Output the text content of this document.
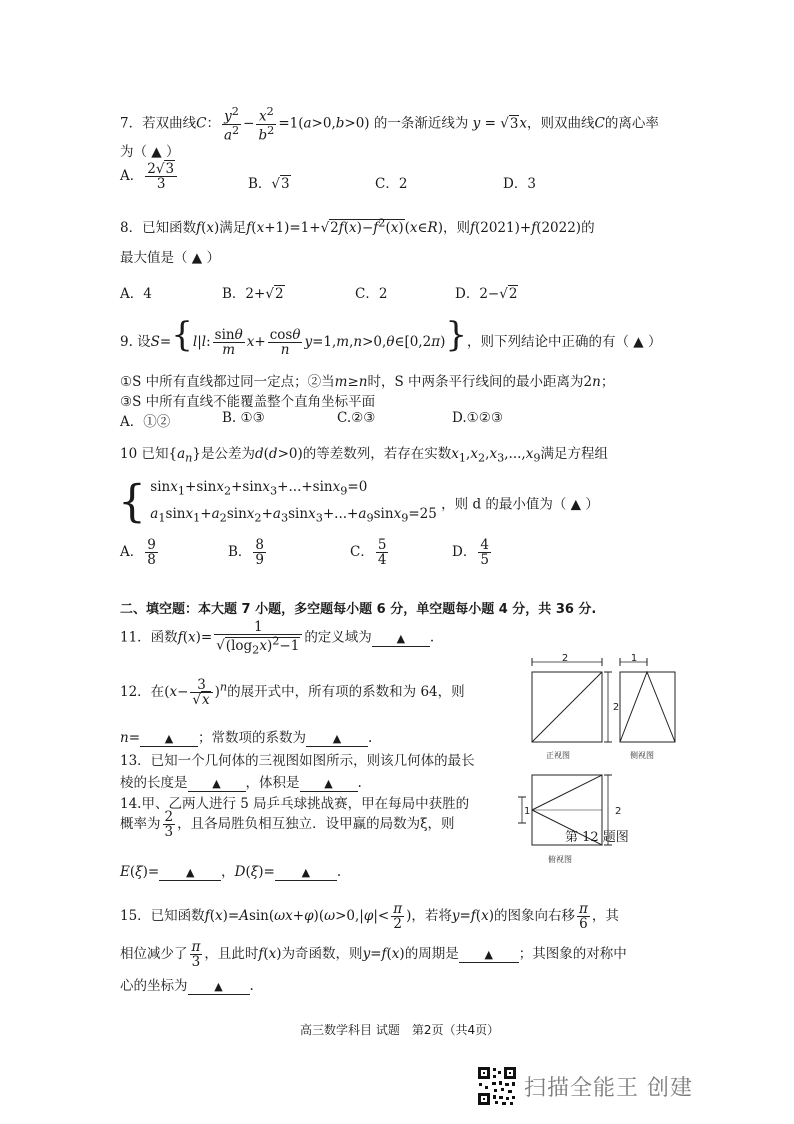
7．若双曲线C： $\frac{y^2}{a^2} - \frac{x^2}{b^2} =1(a>0,b>0)$ 的一条渐近线为 y = √3x，则双曲线C的离心率
为（ ▲ ）
A． $\frac{2√3}{3}$	B．√3	C．2	D．3
8．已知函数f(x)满足$f(x+1)=1+√2f(x)-f^2(x)(x\in R)$，则f(2021)+f(2022)的
最大值是（ ▲ ）
A．4	B．2+√2	C．2	D．2−√2
9. 设S={l|l: $\frac{\sin\theta}{m} x+ \frac{\cos\theta}{n}$ y=1,m,n>0,θ∈[0,2π)}，则下列结论中正确的有（ ▲ ）
①S 中所有直线都过同一定点；②当m≥n时，S 中两条平行线间的最小距离为2n；
③S 中所有直线不能覆盖整个直角坐标平面
A．①②	B. ①③	C.②③	D.①②③
10 已知$\{a_n\}$是公差为d(d>0)的等差数列，若存在实数$x_1,x_2,x_3,...,x_9$满足方程组
{ sinx$_1$+sinx$_2$+sinx$_3$+...+sinx$_9$=0
$a_1\sin x_1+a_2\sin x_2+a_3\sin x_3+...+a_9\sin x_9=25$ ，则 d 的最小值为（ ▲ ）
A． $\frac{9}{8}$	B． $\frac{8}{9}$	C． $\frac{5}{4}$	D． $\frac{4}{5}$
二、填空题：本大题 7 小题，多空题每小题 6 分，单空题每小题 4 分，共 36 分.
11．函数$f(x)= \frac{1}{√(\log_2x)^2-1}$ 的定义域为 ▲ .
12．在$(x- \frac{3}{√x} )^n$的展开式中，所有项的系数和为 64，则
n= ▲ ；常数项的系数为 ▲ .
13．已知一个几何体的三视图如图所示，则该几何体的最长
棱的长度是 ▲ ，体积是 ▲ .
14.甲、乙两人进行 5 局乒乓球挑战赛，甲在每局中获胜的
概率为 $\frac{2}{3}$ ，且各局胜负相互独立．设甲赢的局数为ξ，则
E(ξ)= ▲ ，D(ξ)= ▲ .
15．已知函数$f(x)=Asin(\omega x+\varphi)(\omega>0,|\varphi|< \frac{\pi}{2}$ )，若将y=f(x)的图象向右移 $\frac{\pi}{6}$ ，其
相位减少了 $\frac{\pi}{3}$ ，且此时f(x)为奇函数，则y=f(x)的周期是 ▲ ；其图象的对称中
心的坐标为 ▲ .
2
2
1
正视图	侧视图
1	2
俯视图
第 12 题图
高三数学科目 试题　第2页（共4页）
扫描全能王 创建
